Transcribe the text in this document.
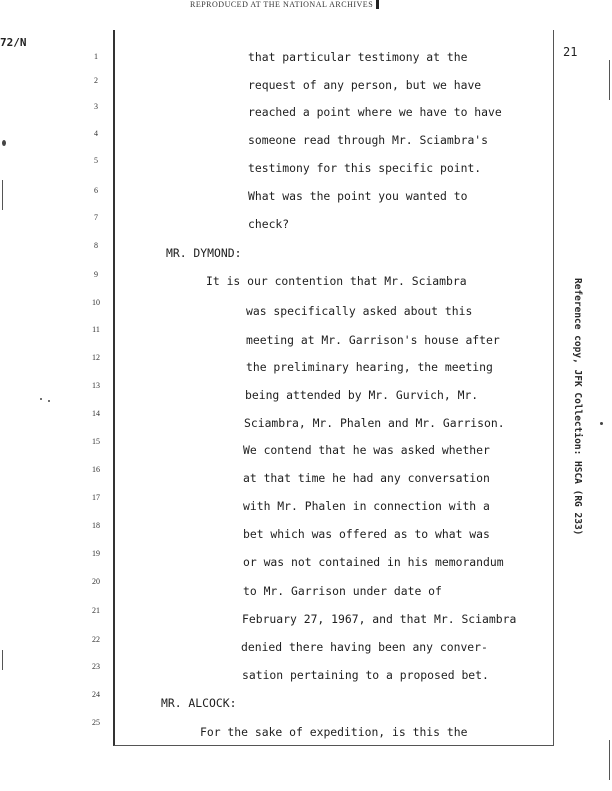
REPRODUCED AT THE NATIONAL ARCHIVES
72/N
21
1
2
3
4
5
6
7
8
9
10
11
12
13
14
15
16
17
18
19
20
21
22
23
24
25
that particular testimony at the
request of any person, but we have
reached a point where we have to have
someone read through Mr. Sciambra's
testimony for this specific point.
What was the point you wanted to
check?
MR. DYMOND:
It is our contention that Mr. Sciambra
was specifically asked about this
meeting at Mr. Garrison's house after
the preliminary hearing, the meeting
being attended by Mr. Gurvich, Mr.
Sciambra, Mr. Phalen and Mr. Garrison.
We contend that he was asked whether
at that time he had any conversation
with Mr. Phalen in connection with a
bet which was offered as to what was
or was not contained in his memorandum
to Mr. Garrison under date of
February 27, 1967, and that Mr. Sciambra
denied there having been any conver-
sation pertaining to a proposed bet.
MR. ALCOCK:
For the sake of expedition, is this the
Reference copy, JFK Collection: HSCA (RG 233)
